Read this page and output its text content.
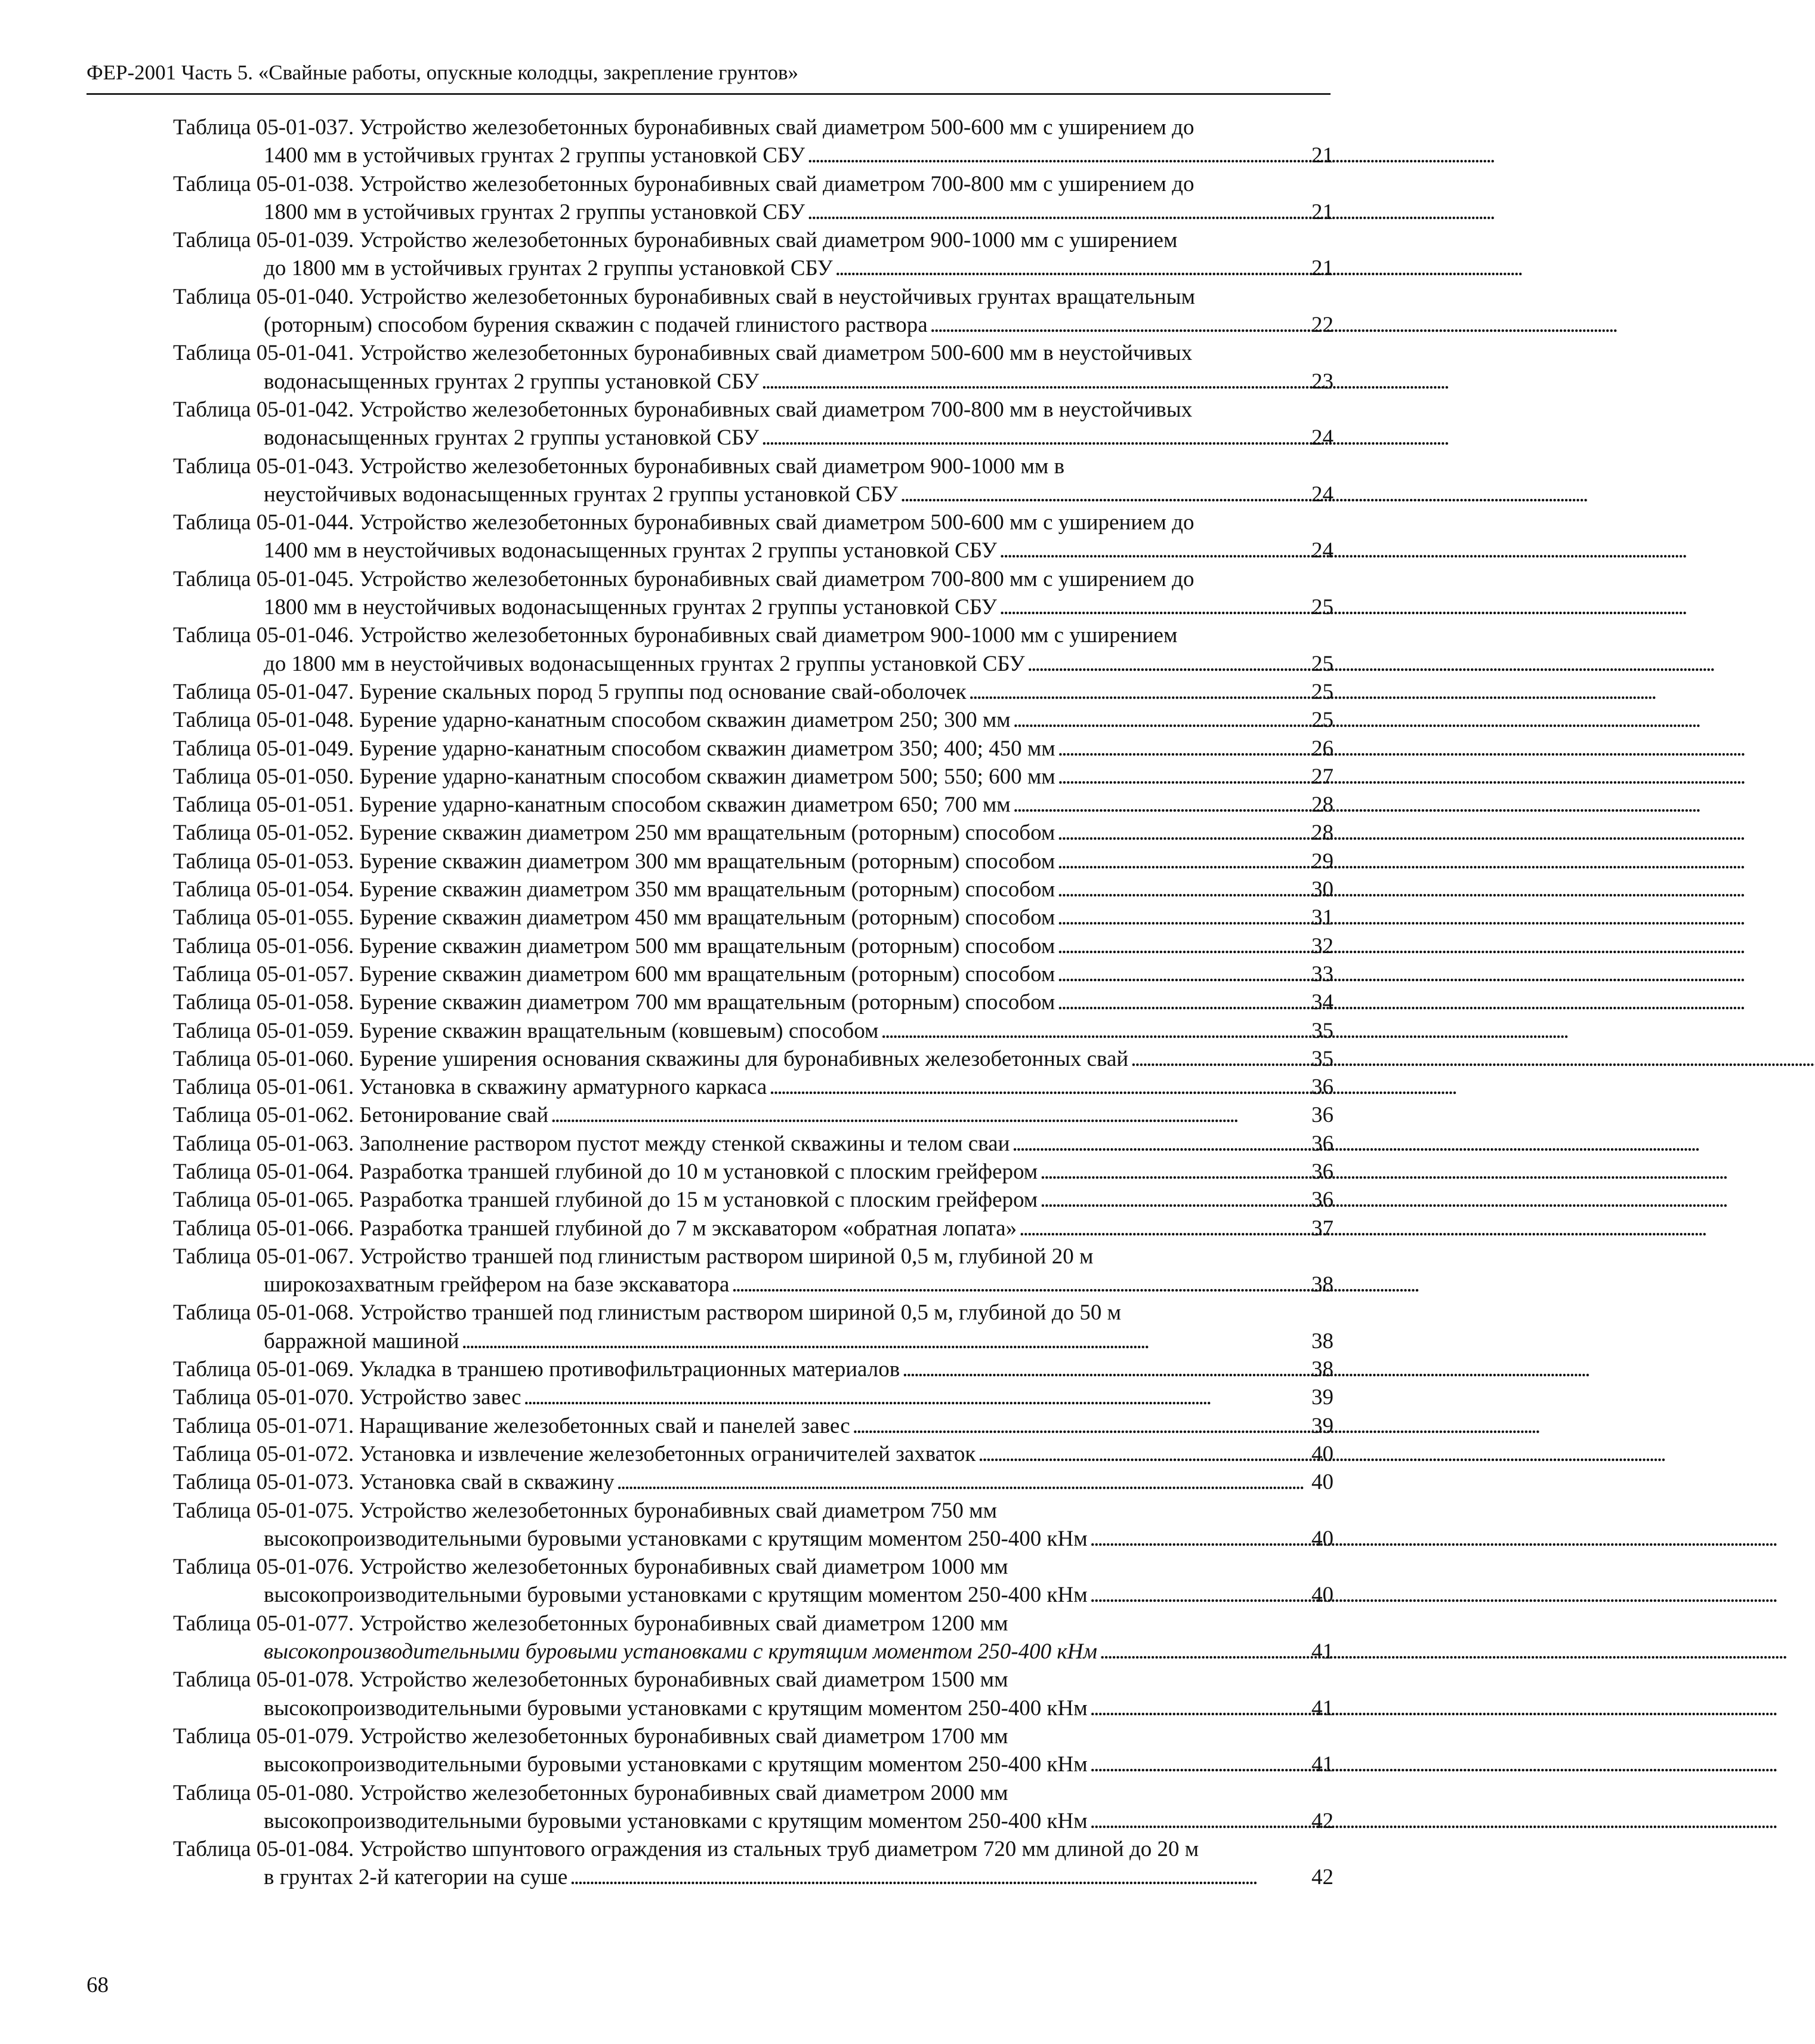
ФЕР-2001 Часть 5. «Свайные работы, опускные колодцы, закрепление грунтов»
Таблица 05-01-037. Устройство железобетонных буронабивных свай диаметром 500-600 мм с уширением до
1400 мм в устойчивых грунтах 2 группы установкой СБУ . . .	21
Таблица 05-01-038. Устройство железобетонных буронабивных свай диаметром 700-800 мм с уширением до
1800 мм в устойчивых грунтах 2 группы установкой СБУ . . .	21
Таблица 05-01-039. Устройство железобетонных буронабивных свай диаметром 900-1000 мм с уширением
до 1800 мм в устойчивых грунтах 2 группы установкой СБУ . . .	21
Таблица 05-01-040. Устройство железобетонных буронабивных свай в неустойчивых грунтах вращательным
(роторным) способом бурения скважин с подачей глинистого раствора . . .	22
Таблица 05-01-041. Устройство железобетонных буронабивных свай диаметром 500-600 мм в неустойчивых
водонасыщенных грунтах 2 группы установкой СБУ . . .	23
Таблица 05-01-042. Устройство железобетонных буронабивных свай диаметром 700-800 мм в неустойчивых
водонасыщенных грунтах 2 группы установкой СБУ . . .	24
Таблица 05-01-043. Устройство железобетонных буронабивных свай диаметром 900-1000 мм в
неустойчивых водонасыщенных грунтах 2 группы установкой СБУ . . .	24
Таблица 05-01-044. Устройство железобетонных буронабивных свай диаметром 500-600 мм с уширением до
1400 мм в неустойчивых водонасыщенных грунтах 2 группы установкой СБУ . . .	24
Таблица 05-01-045. Устройство железобетонных буронабивных свай диаметром 700-800 мм с уширением до
1800 мм в неустойчивых водонасыщенных грунтах 2 группы установкой СБУ . . .	25
Таблица 05-01-046. Устройство железобетонных буронабивных свай диаметром 900-1000 мм с уширением
до 1800 мм в неустойчивых водонасыщенных грунтах 2 группы установкой СБУ . . .	25
Таблица 05-01-047. Бурение скальных пород 5 группы под основание свай-оболочек . . .	25
Таблица 05-01-048. Бурение ударно-канатным способом скважин диаметром 250; 300 мм . . .	25
Таблица 05-01-049. Бурение ударно-канатным способом скважин диаметром 350; 400; 450 мм . . .	26
Таблица 05-01-050. Бурение ударно-канатным способом скважин диаметром 500; 550; 600 мм . . .	27
Таблица 05-01-051. Бурение ударно-канатным способом скважин диаметром 650; 700 мм . . .	28
Таблица 05-01-052. Бурение скважин диаметром 250 мм вращательным (роторным) способом . . .	28
Таблица 05-01-053. Бурение скважин диаметром 300 мм вращательным (роторным) способом . . .	29
Таблица 05-01-054. Бурение скважин диаметром 350 мм вращательным (роторным) способом . . .	30
Таблица 05-01-055. Бурение скважин диаметром 450 мм вращательным (роторным) способом . . .	31
Таблица 05-01-056. Бурение скважин диаметром 500 мм вращательным (роторным) способом . . .	32
Таблица 05-01-057. Бурение скважин диаметром 600 мм вращательным (роторным) способом . . .	33
Таблица 05-01-058. Бурение скважин диаметром 700 мм вращательным (роторным) способом . . .	34
Таблица 05-01-059. Бурение скважин вращательным (ковшевым) способом . . .	35
Таблица 05-01-060. Бурение уширения основания скважины для буронабивных железобетонных свай . . .	35
Таблица 05-01-061. Установка в скважину арматурного каркаса . . .	36
Таблица 05-01-062. Бетонирование свай . . .	36
Таблица 05-01-063. Заполнение раствором пустот между стенкой скважины и телом сваи . . .	36
Таблица 05-01-064. Разработка траншей глубиной до 10 м установкой с плоским грейфером . . .	36
Таблица 05-01-065. Разработка траншей глубиной до 15 м установкой с плоским грейфером . . .	36
Таблица 05-01-066. Разработка траншей глубиной до 7 м экскаватором «обратная лопата» . . .	37
Таблица 05-01-067. Устройство траншей под глинистым раствором шириной 0,5 м, глубиной 20 м
широкозахватным грейфером на базе экскаватора . . .	38
Таблица 05-01-068. Устройство траншей под глинистым раствором шириной 0,5 м, глубиной до 50 м
барражной машиной . . .	38
Таблица 05-01-069. Укладка в траншею противофильтрационных материалов . . .	38
Таблица 05-01-070. Устройство завес . . .	39
Таблица 05-01-071. Наращивание железобетонных свай и панелей завес . . .	39
Таблица 05-01-072. Установка и извлечение железобетонных ограничителей захваток . . .	40
Таблица 05-01-073. Установка свай в скважину . . .	40
Таблица 05-01-075. Устройство железобетонных буронабивных свай диаметром 750 мм
высокопроизводительными буровыми установками с крутящим моментом 250-400 кНм . . .	40
Таблица 05-01-076. Устройство железобетонных буронабивных свай диаметром 1000 мм
высокопроизводительными буровыми установками с крутящим моментом 250-400 кНм . . .	40
Таблица 05-01-077. Устройство железобетонных буронабивных свай диаметром 1200 мм
высокопроизводительными буровыми установками с крутящим моментом 250-400 кНм . . .	41
Таблица 05-01-078. Устройство железобетонных буронабивных свай диаметром 1500 мм
высокопроизводительными буровыми установками с крутящим моментом 250-400 кНм . . .	41
Таблица 05-01-079. Устройство железобетонных буронабивных свай диаметром 1700 мм
высокопроизводительными буровыми установками с крутящим моментом 250-400 кНм . . .	41
Таблица 05-01-080. Устройство железобетонных буронабивных свай диаметром 2000 мм
высокопроизводительными буровыми установками с крутящим моментом 250-400 кНм . . .	42
Таблица 05-01-084. Устройство шпунтового ограждения из стальных труб диаметром 720 мм длиной до 20 м
в грунтах 2-й категории на суше . . .	42
68
